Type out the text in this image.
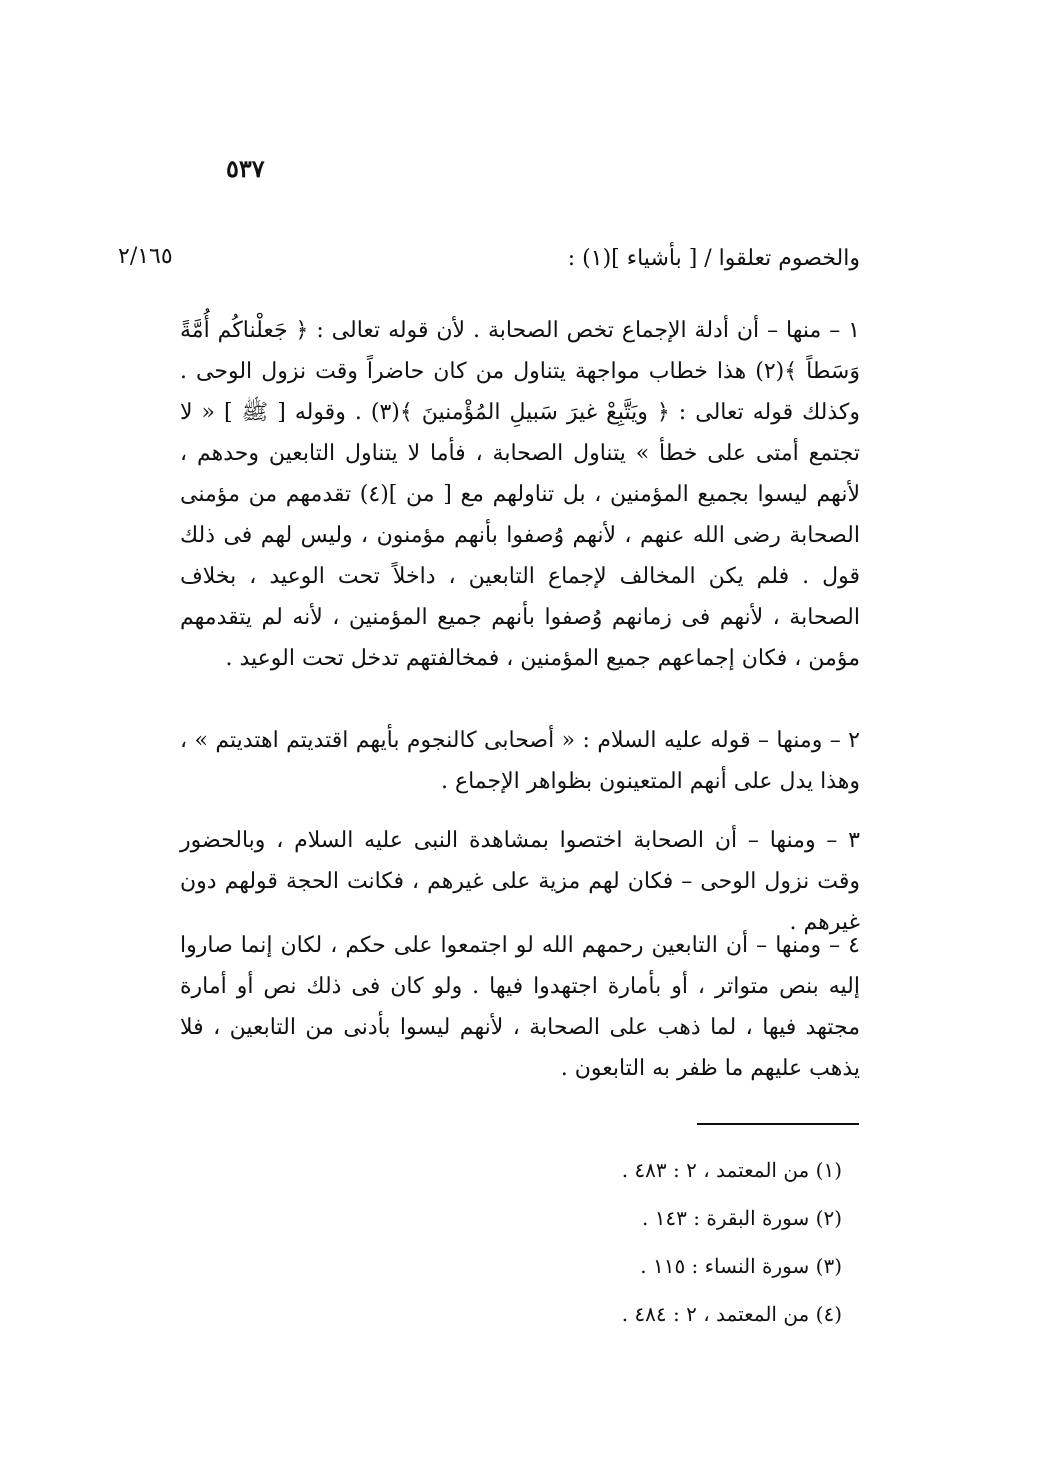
٥٣٧
٢/١٦٥	والخصوم تعلقوا / [ بأشياء ](١) :
١ – منها – أن أدلة الإجماع تخص الصحابة . لأن قوله تعالى : ﴿ جَعلْناكُم أُمَّةً وَسَطاً ﴾(٢) هذا خطاب مواجهة يتناول من كان حاضراً وقت نزول الوحى . وكذلك قوله تعالى : ﴿ ويَتَّبِعْ غيرَ سَبيلِ المُؤْمنينَ ﴾(٣) . وقوله [ ﷺ ] « لا تجتمع أمتى على خطأ » يتناول الصحابة ، فأما لا يتناول التابعين وحدهم ، لأنهم ليسوا بجميع المؤمنين ، بل تناولهم مع [ من ](٤) تقدمهم من مؤمنى الصحابة رضى الله عنهم ، لأنهم وُصفوا بأنهم مؤمنون ، وليس لهم فى ذلك قول . فلم يكن المخالف لإجماع التابعين ، داخلاً تحت الوعيد ، بخلاف الصحابة ، لأنهم فى زمانهم وُصفوا بأنهم جميع المؤمنين ، لأنه لم يتقدمهم مؤمن ، فكان إجماعهم جميع المؤمنين ، فمخالفتهم تدخل تحت الوعيد .
٢ – ومنها – قوله عليه السلام : « أصحابى كالنجوم بأيهم اقتديتم اهتديتم » ، وهذا يدل على أنهم المتعينون بظواهر الإجماع .
٣ – ومنها – أن الصحابة اختصوا بمشاهدة النبى عليه السلام ، وبالحضور وقت نزول الوحى – فكان لهم مزية على غيرهم ، فكانت الحجة قولهم دون غيرهم .
٤ – ومنها – أن التابعين رحمهم الله لو اجتمعوا على حكم ، لكان إنما صاروا إليه بنص متواتر ، أو بأمارة اجتهدوا فيها . ولو كان فى ذلك نص أو أمارة مجتهد فيها ، لما ذهب على الصحابة ، لأنهم ليسوا بأدنى من التابعين ، فلا يذهب عليهم ما ظفر به التابعون .
(١) من المعتمد ، ٢ : ٤٨٣ .
(٢) سورة البقرة : ١٤٣ .
(٣) سورة النساء : ١١٥ .
(٤) من المعتمد ، ٢ : ٤٨٤ .
